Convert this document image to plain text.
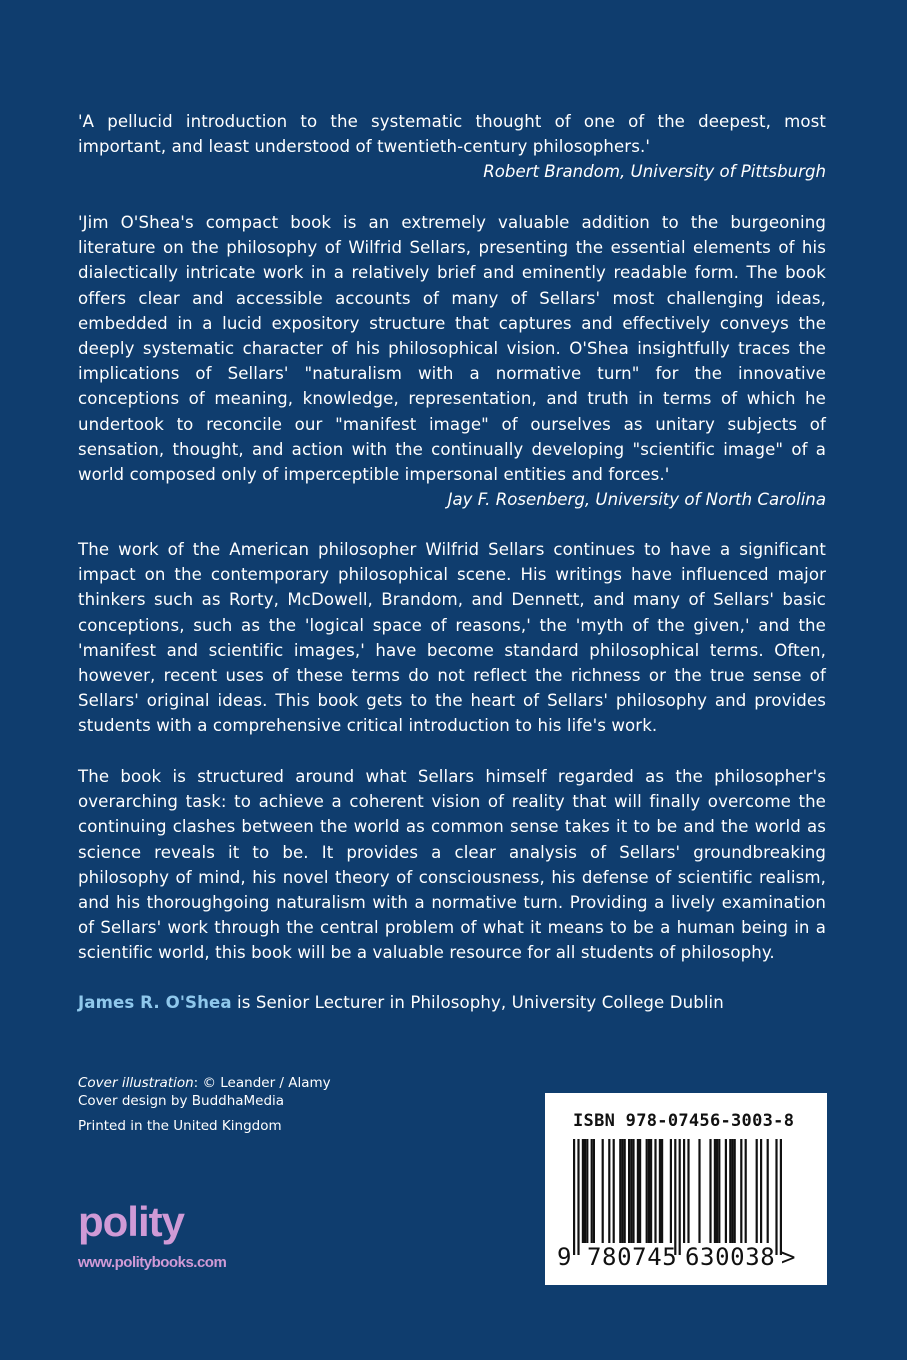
'A pellucid introduction to the systematic thought of one of the deepest, most important, and least understood of twentieth-century philosophers.'

Robert Brandom, University of Pittsburgh

'Jim O'Shea's compact book is an extremely valuable addition to the burgeoning literature on the philosophy of Wilfrid Sellars, presenting the essential elements of his dialectically intricate work in a relatively brief and eminently readable form. The book offers clear and accessible accounts of many of Sellars' most challenging ideas, embedded in a lucid expository structure that captures and effectively conveys the deeply systematic character of his philosophical vision. O'Shea insightfully traces the implications of Sellars' "naturalism with a normative turn" for the innovative conceptions of meaning, knowledge, representation, and truth in terms of which he undertook to reconcile our "manifest image" of ourselves as unitary subjects of sensation, thought, and action with the continually developing "scientific image" of a world composed only of imperceptible impersonal entities and forces.'

Jay F. Rosenberg, University of North Carolina

The work of the American philosopher Wilfrid Sellars continues to have a significant impact on the contemporary philosophical scene. His writings have influenced major thinkers such as Rorty, McDowell, Brandom, and Dennett, and many of Sellars' basic conceptions, such as the 'logical space of reasons,' the 'myth of the given,' and the 'manifest and scientific images,' have become standard philosophical terms. Often, however, recent uses of these terms do not reflect the richness or the true sense of Sellars' original ideas. This book gets to the heart of Sellars' philosophy and provides students with a comprehensive critical introduction to his life's work.

The book is structured around what Sellars himself regarded as the philosopher's overarching task: to achieve a coherent vision of reality that will finally overcome the continuing clashes between the world as common sense takes it to be and the world as science reveals it to be. It provides a clear analysis of Sellars' groundbreaking philosophy of mind, his novel theory of consciousness, his defense of scientific realism, and his thoroughgoing naturalism with a normative turn. Providing a lively examination of Sellars' work through the central problem of what it means to be a human being in a scientific world, this book will be a valuable resource for all students of philosophy.

James R. O'Shea is Senior Lecturer in Philosophy, University College Dublin

Cover illustration: © Leander / Alamy
Cover design by BuddhaMedia
Printed in the United Kingdom
polity
www.politybooks.com
ISBN 978-07456-3003-8
9 780745 630038 >
